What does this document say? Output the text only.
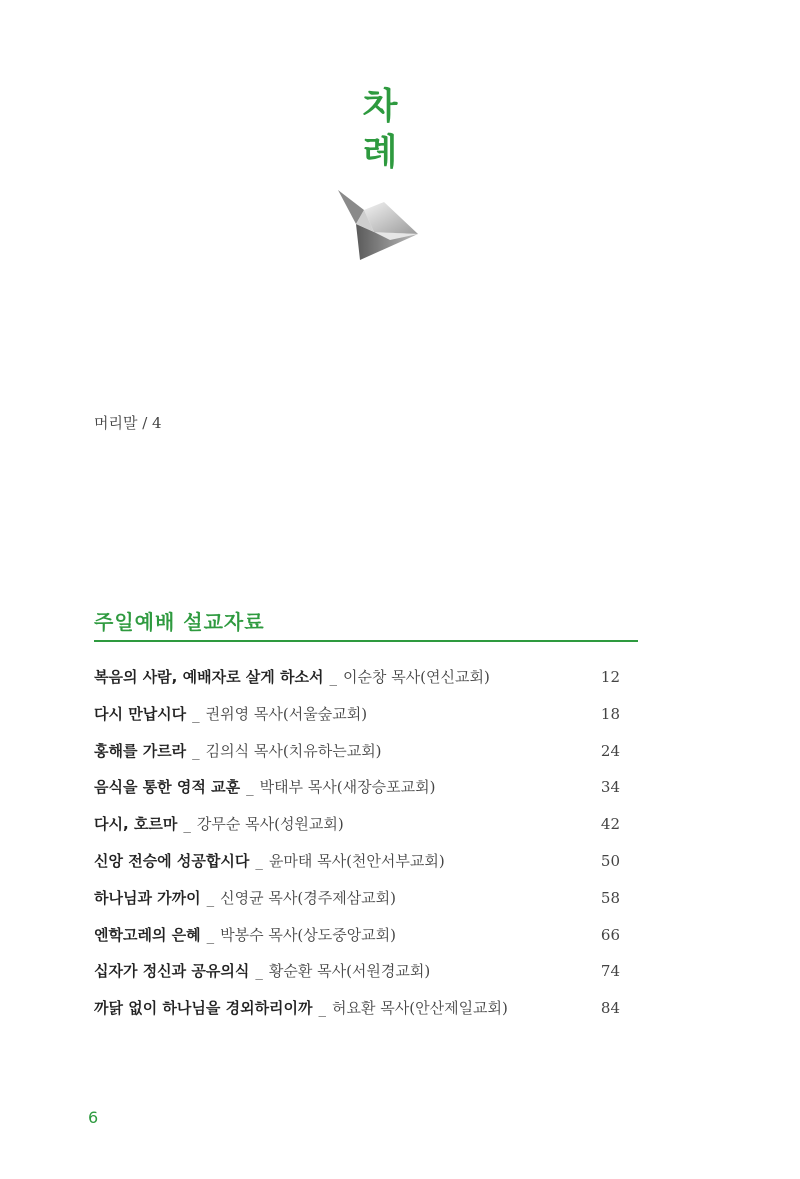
차
례
머리말 / 4
주일예배 설교자료
복음의 사람, 예배자로 살게 하소서 _ 이순창 목사(연신교회)	12
다시 만납시다 _ 권위영 목사(서울숲교회)	18
홍해를 가르라 _ 김의식 목사(치유하는교회)	24
음식을 통한 영적 교훈 _ 박태부 목사(새장승포교회)	34
다시, 호르마 _ 강무순 목사(성원교회)	42
신앙 전승에 성공합시다 _ 윤마태 목사(천안서부교회)	50
하나님과 가까이 _ 신영균 목사(경주제삼교회)	58
엔학고레의 은혜 _ 박봉수 목사(상도중앙교회)	66
십자가 정신과 공유의식 _ 황순환 목사(서원경교회)	74
까닭 없이 하나님을 경외하리이까 _ 허요환 목사(안산제일교회)	84
6
